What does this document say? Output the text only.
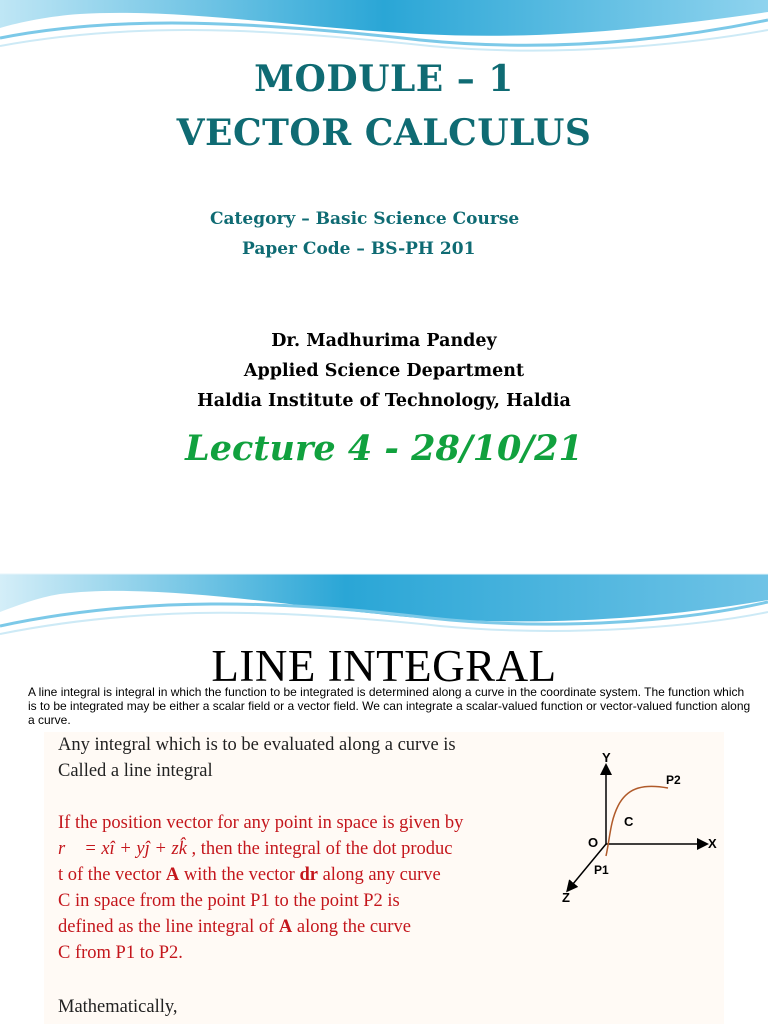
MODULE – 1
VECTOR CALCULUS
Category – Basic Science Course
Paper Code – BS-PH 201
Dr. Madhurima Pandey
Applied Science Department
Haldia Institute of Technology, Haldia
Lecture 4 - 28/10/21
LINE INTEGRAL
A line integral is integral in which the function to be integrated is determined along a curve in the coordinate system. The function which is to be integrated may be either a scalar field or a vector field. We can integrate a scalar-valued function or vector-valued function along a curve.
Any integral which is to be evaluated along a curve is
Called a line integral
If the position vector for any point in space is given by
r⃗ = xî + yĵ + zk̂ , then the integral of the dot produc
t of the vector A with the vector dr along any curve
C in space from the point P1 to the point P2 is
defined as the line integral of A along the curve
C from P1 to P2.
Mathematically,
Y
X
Z
O
C
P1
P2
